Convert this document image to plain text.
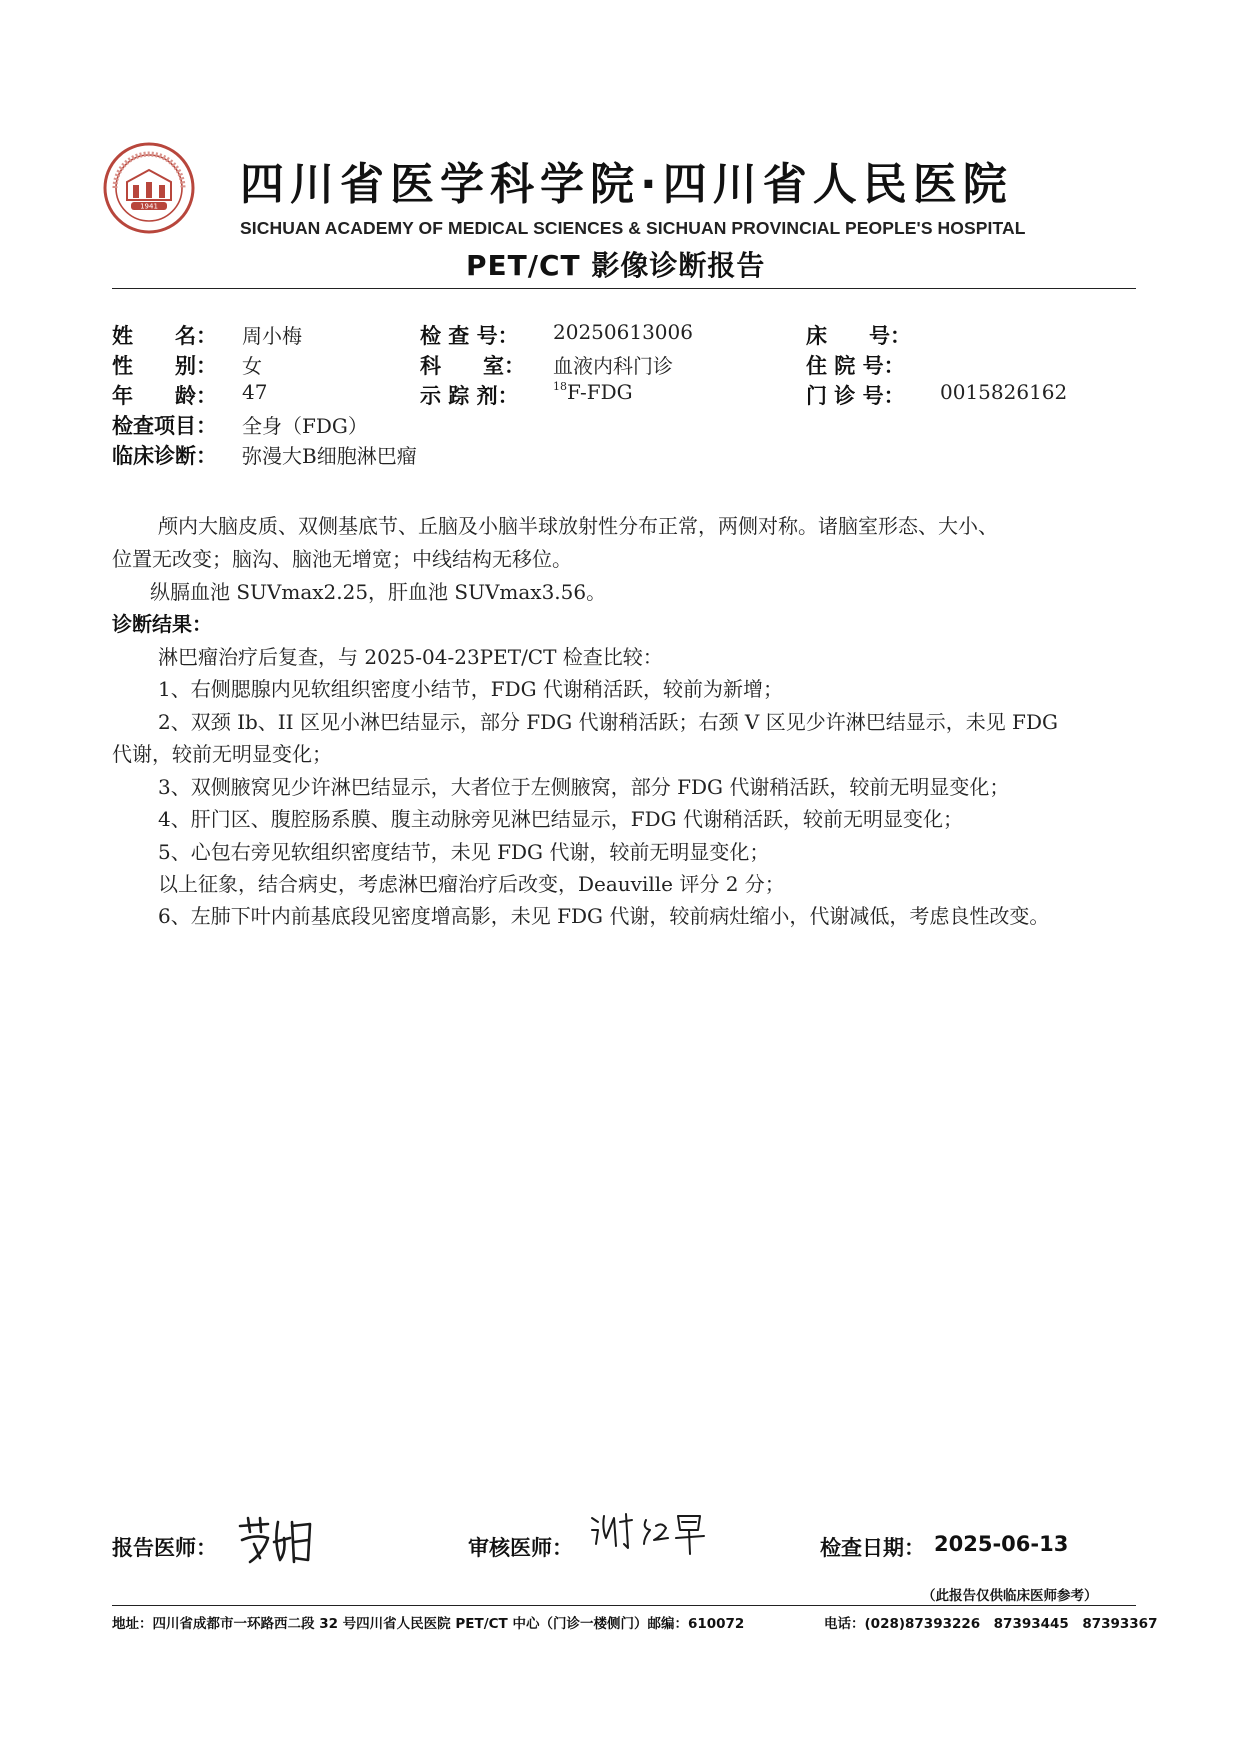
1941 四川省医学科学院·四川省人民医院
SICHUAN ACADEMY OF MEDICAL SCIENCES & SICHUAN PROVINCIAL PEOPLE'S HOSPITAL
PET/CT 影像诊断报告
姓　　名： 周小梅	检 查 号： 20250613006	床　　号：
性　　别： 女	科　　室： 血液内科门诊	住 院 号：
年　　龄： 47	示 踪 剂：	$^{18}$F-FDG	门 诊 号： 0015826162
检查项目： 全身（FDG）
临床诊断： 弥漫大B细胞淋巴瘤
颅内大脑皮质、双侧基底节、丘脑及小脑半球放射性分布正常，两侧对称。诸脑室形态、大小、
位置无改变；脑沟、脑池无增宽；中线结构无移位。
纵膈血池 SUVmax2.25，肝血池 SUVmax3.56。
诊断结果：
淋巴瘤治疗后复查，与 2025-04-23PET/CT 检查比较：
1、右侧腮腺内见软组织密度小结节，FDG 代谢稍活跃，较前为新增；
2、双颈 Ib、II 区见小淋巴结显示，部分 FDG 代谢稍活跃；右颈 V 区见少许淋巴结显示，未见 FDG
代谢，较前无明显变化；
3、双侧腋窝见少许淋巴结显示，大者位于左侧腋窝，部分 FDG 代谢稍活跃，较前无明显变化；
4、肝门区、腹腔肠系膜、腹主动脉旁见淋巴结显示，FDG 代谢稍活跃，较前无明显变化；
5、心包右旁见软组织密度结节，未见 FDG 代谢，较前无明显变化；
以上征象，结合病史，考虑淋巴瘤治疗后改变，Deauville 评分 2 分；
6、左肺下叶内前基底段见密度增高影，未见 FDG 代谢，较前病灶缩小，代谢减低，考虑良性改变。
报告医师：	审核医师：	检查日期： 2025-06-13
（此报告仅供临床医师参考）
地址：四川省成都市一环路西二段 32 号四川省人民医院 PET/CT 中心（门诊一楼侧门）邮编：610072	电话：(028)87393226　87393445　87393367
